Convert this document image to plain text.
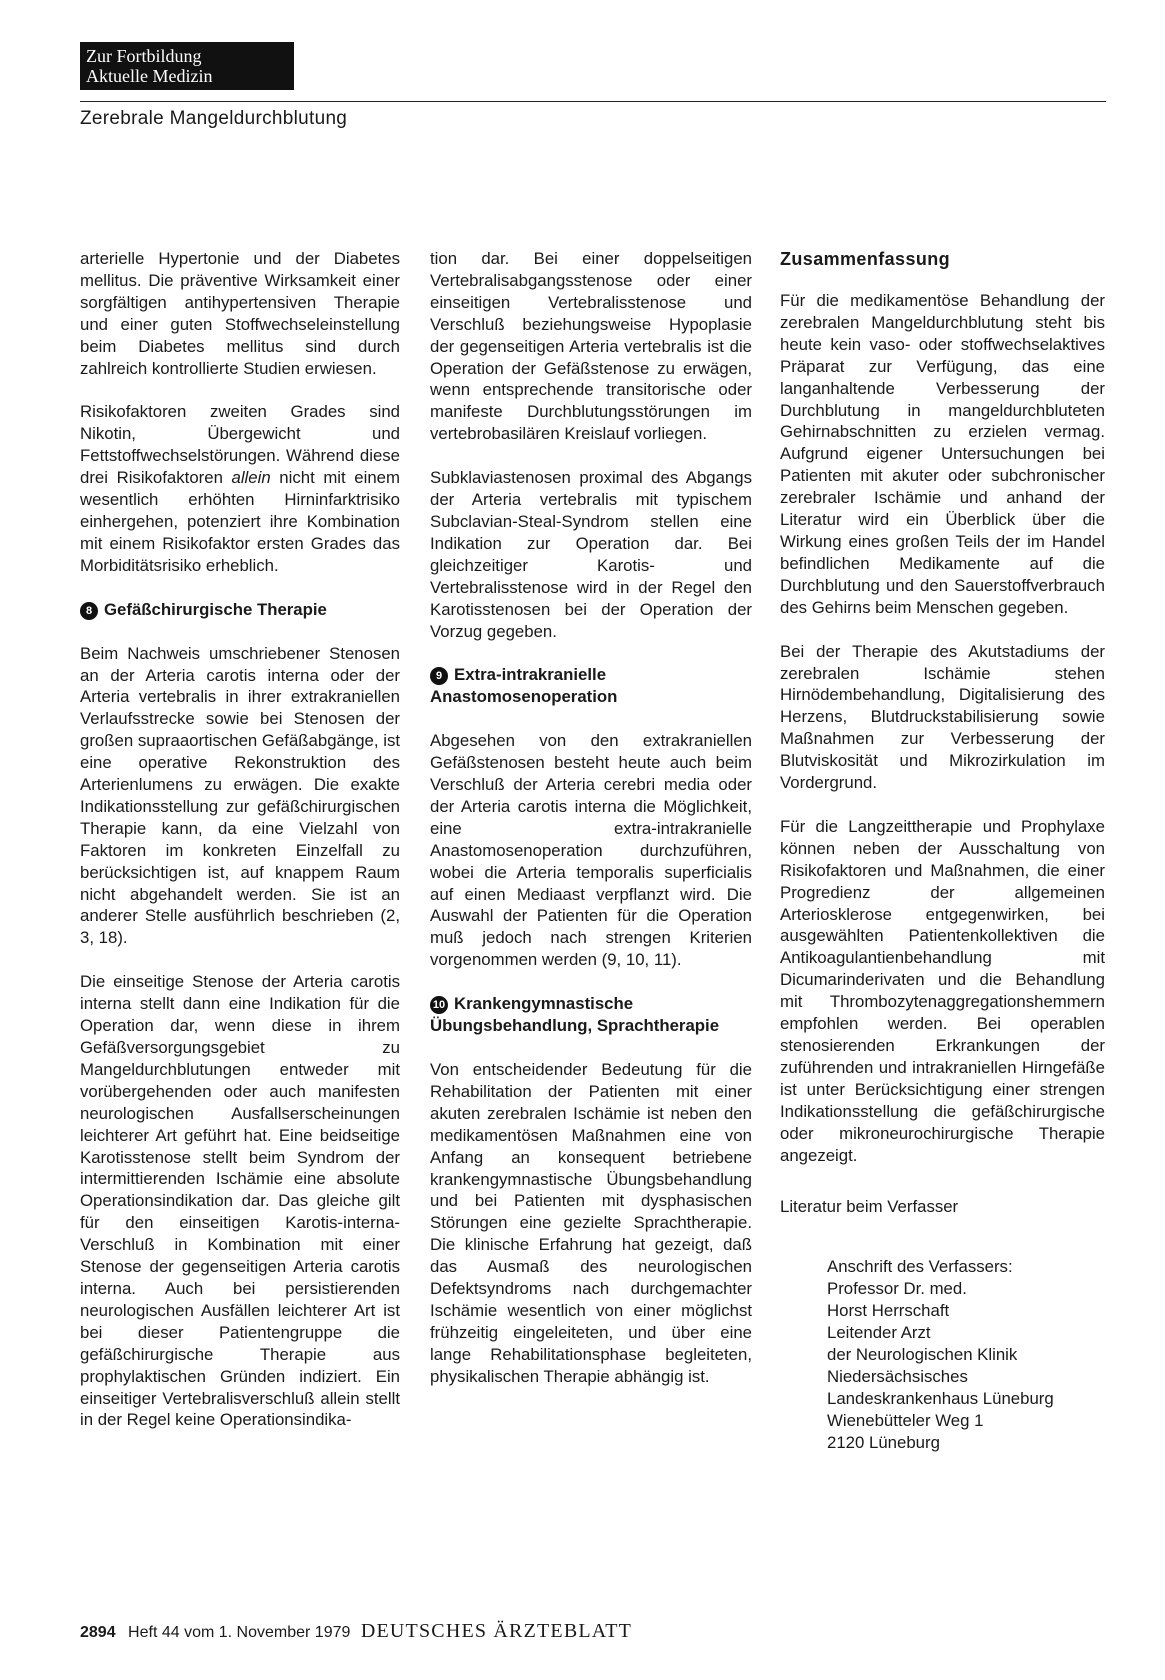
Zur Fortbildung
Aktuelle Medizin
Zerebrale Mangeldurchblutung

arterielle Hypertonie und der Diabetes mellitus. Die präventive Wirksamkeit einer sorgfältigen antihypertensiven Therapie und einer guten Stoffwechseleinstellung beim Diabetes mellitus sind durch zahlreich kontrollierte Studien erwiesen.

Risikofaktoren zweiten Grades sind Nikotin, Übergewicht und Fettstoffwechselstörungen. Während diese drei Risikofaktoren allein nicht mit einem wesentlich erhöhten Hirninfarktrisiko einhergehen, potenziert ihre Kombination mit einem Risikofaktor ersten Grades das Morbiditätsrisiko erheblich.

8 Gefäßchirurgische Therapie

Beim Nachweis umschriebener Stenosen an der Arteria carotis interna oder der Arteria vertebralis in ihrer extrakraniellen Verlaufsstrecke sowie bei Stenosen der großen supraaortischen Gefäßabgänge, ist eine operative Rekonstruktion des Arterienlumens zu erwägen. Die exakte Indikationsstellung zur gefäßchirurgischen Therapie kann, da eine Vielzahl von Faktoren im konkreten Einzelfall zu berücksichtigen ist, auf knappem Raum nicht abgehandelt werden. Sie ist an anderer Stelle ausführlich beschrieben (2, 3, 18).

Die einseitige Stenose der Arteria carotis interna stellt dann eine Indikation für die Operation dar, wenn diese in ihrem Gefäßversorgungsgebiet zu Mangeldurchblutungen entweder mit vorübergehenden oder auch manifesten neurologischen Ausfallserscheinungen leichterer Art geführt hat. Eine beidseitige Karotisstenose stellt beim Syndrom der intermittierenden Ischämie eine absolute Operationsindikation dar. Das gleiche gilt für den einseitigen Karotis-interna-Verschluß in Kombination mit einer Stenose der gegenseitigen Arteria carotis interna. Auch bei persistierenden neurologischen Ausfällen leichterer Art ist bei dieser Patientengruppe die gefäßchirurgische Therapie aus prophylaktischen Gründen indiziert. Ein einseitiger Vertebralisverschluß allein stellt in der Regel keine Operationsindika-

tion dar. Bei einer doppelseitigen Vertebralisabgangsstenose oder einer einseitigen Vertebralisstenose und Verschluß beziehungsweise Hypoplasie der gegenseitigen Arteria vertebralis ist die Operation der Gefäßstenose zu erwägen, wenn entsprechende transitorische oder manifeste Durchblutungsstörungen im vertebrobasilären Kreislauf vorliegen.

Subklaviastenosen proximal des Abgangs der Arteria vertebralis mit typischem Subclavian-Steal-Syndrom stellen eine Indikation zur Operation dar. Bei gleichzeitiger Karotis- und Vertebralisstenose wird in der Regel den Karotisstenosen bei der Operation der Vorzug gegeben.

9 Extra-intrakranielle Anastomosenoperation

Abgesehen von den extrakraniellen Gefäßstenosen besteht heute auch beim Verschluß der Arteria cerebri media oder der Arteria carotis interna die Möglichkeit, eine extra-intrakranielle Anastomosenoperation durchzuführen, wobei die Arteria temporalis superficialis auf einen Mediaast verpflanzt wird. Die Auswahl der Patienten für die Operation muß jedoch nach strengen Kriterien vorgenommen werden (9, 10, 11).

10 Krankengymnastische Übungsbehandlung, Sprachtherapie

Von entscheidender Bedeutung für die Rehabilitation der Patienten mit einer akuten zerebralen Ischämie ist neben den medikamentösen Maßnahmen eine von Anfang an konsequent betriebene krankengymnastische Übungsbehandlung und bei Patienten mit dysphasischen Störungen eine gezielte Sprachtherapie. Die klinische Erfahrung hat gezeigt, daß das Ausmaß des neurologischen Defektsyndroms nach durchgemachter Ischämie wesentlich von einer möglichst frühzeitig eingeleiteten, und über eine lange Rehabilitationsphase begleiteten, physikalischen Therapie abhängig ist.

Zusammenfassung

Für die medikamentöse Behandlung der zerebralen Mangeldurchblutung steht bis heute kein vaso- oder stoffwechselaktives Präparat zur Verfügung, das eine langanhaltende Verbesserung der Durchblutung in mangeldurchbluteten Gehirnabschnitten zu erzielen vermag. Aufgrund eigener Untersuchungen bei Patienten mit akuter oder subchronischer zerebraler Ischämie und anhand der Literatur wird ein Überblick über die Wirkung eines großen Teils der im Handel befindlichen Medikamente auf die Durchblutung und den Sauerstoffverbrauch des Gehirns beim Menschen gegeben.

Bei der Therapie des Akutstadiums der zerebralen Ischämie stehen Hirnödembehandlung, Digitalisierung des Herzens, Blutdruckstabilisierung sowie Maßnahmen zur Verbesserung der Blutviskosität und Mikrozirkulation im Vordergrund.

Für die Langzeittherapie und Prophylaxe können neben der Ausschaltung von Risikofaktoren und Maßnahmen, die einer Progredienz der allgemeinen Arteriosklerose entgegenwirken, bei ausgewählten Patientenkollektiven die Antikoagulantienbehandlung mit Dicumarinderivaten und die Behandlung mit Thrombozytenaggregationshemmern empfohlen werden. Bei operablen stenosierenden Erkrankungen der zuführenden und intrakraniellen Hirngefäße ist unter Berücksichtigung einer strengen Indikationsstellung die gefäßchirurgische oder mikroneurochirurgische Therapie angezeigt.

Literatur beim Verfasser
Anschrift des Verfassers:
Professor Dr. med.
Horst Herrschaft
Leitender Arzt
der Neurologischen Klinik
Niedersächsisches
Landeskrankenhaus Lüneburg
Wienebütteler Weg 1
2120 Lüneburg
2894 Heft 44 vom 1. November 1979 DEUTSCHES ÄRZTEBLATT
